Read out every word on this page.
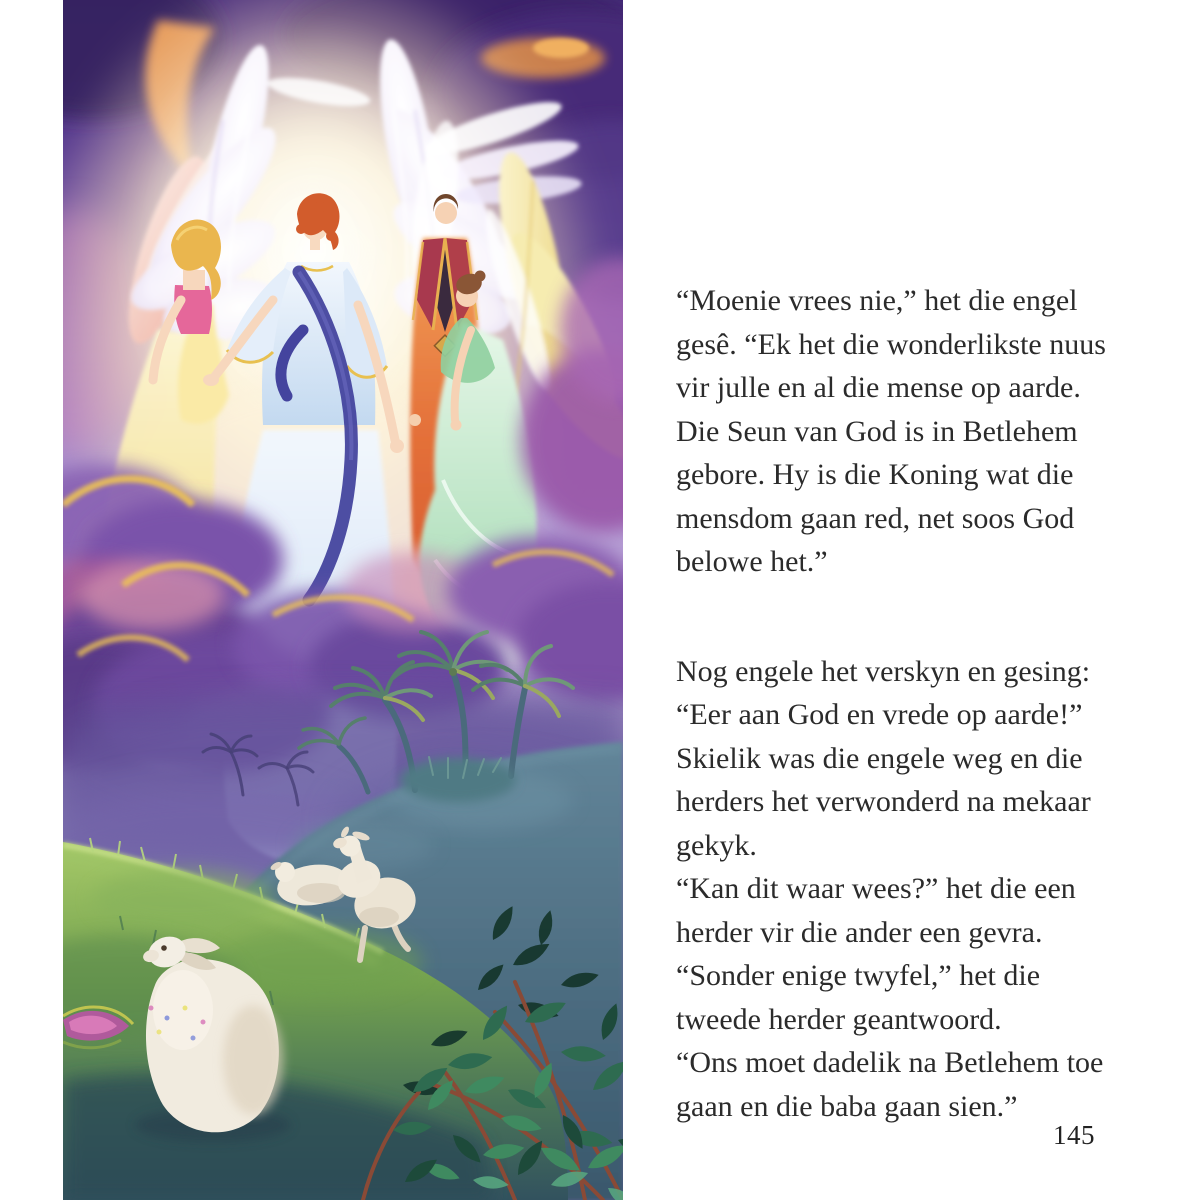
“Moenie vrees nie,” het die engel
gesê. “Ek het die wonderlikste nuus
vir julle en al die mense op aarde.
Die Seun van God is in Betlehem
gebore. Hy is die Koning wat die
mensdom gaan red, net soos God
belowe het.”
Nog engele het verskyn en gesing:
“Eer aan God en vrede op aarde!”
Skielik was die engele weg en die
herders het verwonderd na mekaar
gekyk.
“Kan dit waar wees?” het die een
herder vir die ander een gevra.
“Sonder enige twyfel,” het die
tweede herder geantwoord.
“Ons moet dadelik na Betlehem toe
gaan en die baba gaan sien.”
145
